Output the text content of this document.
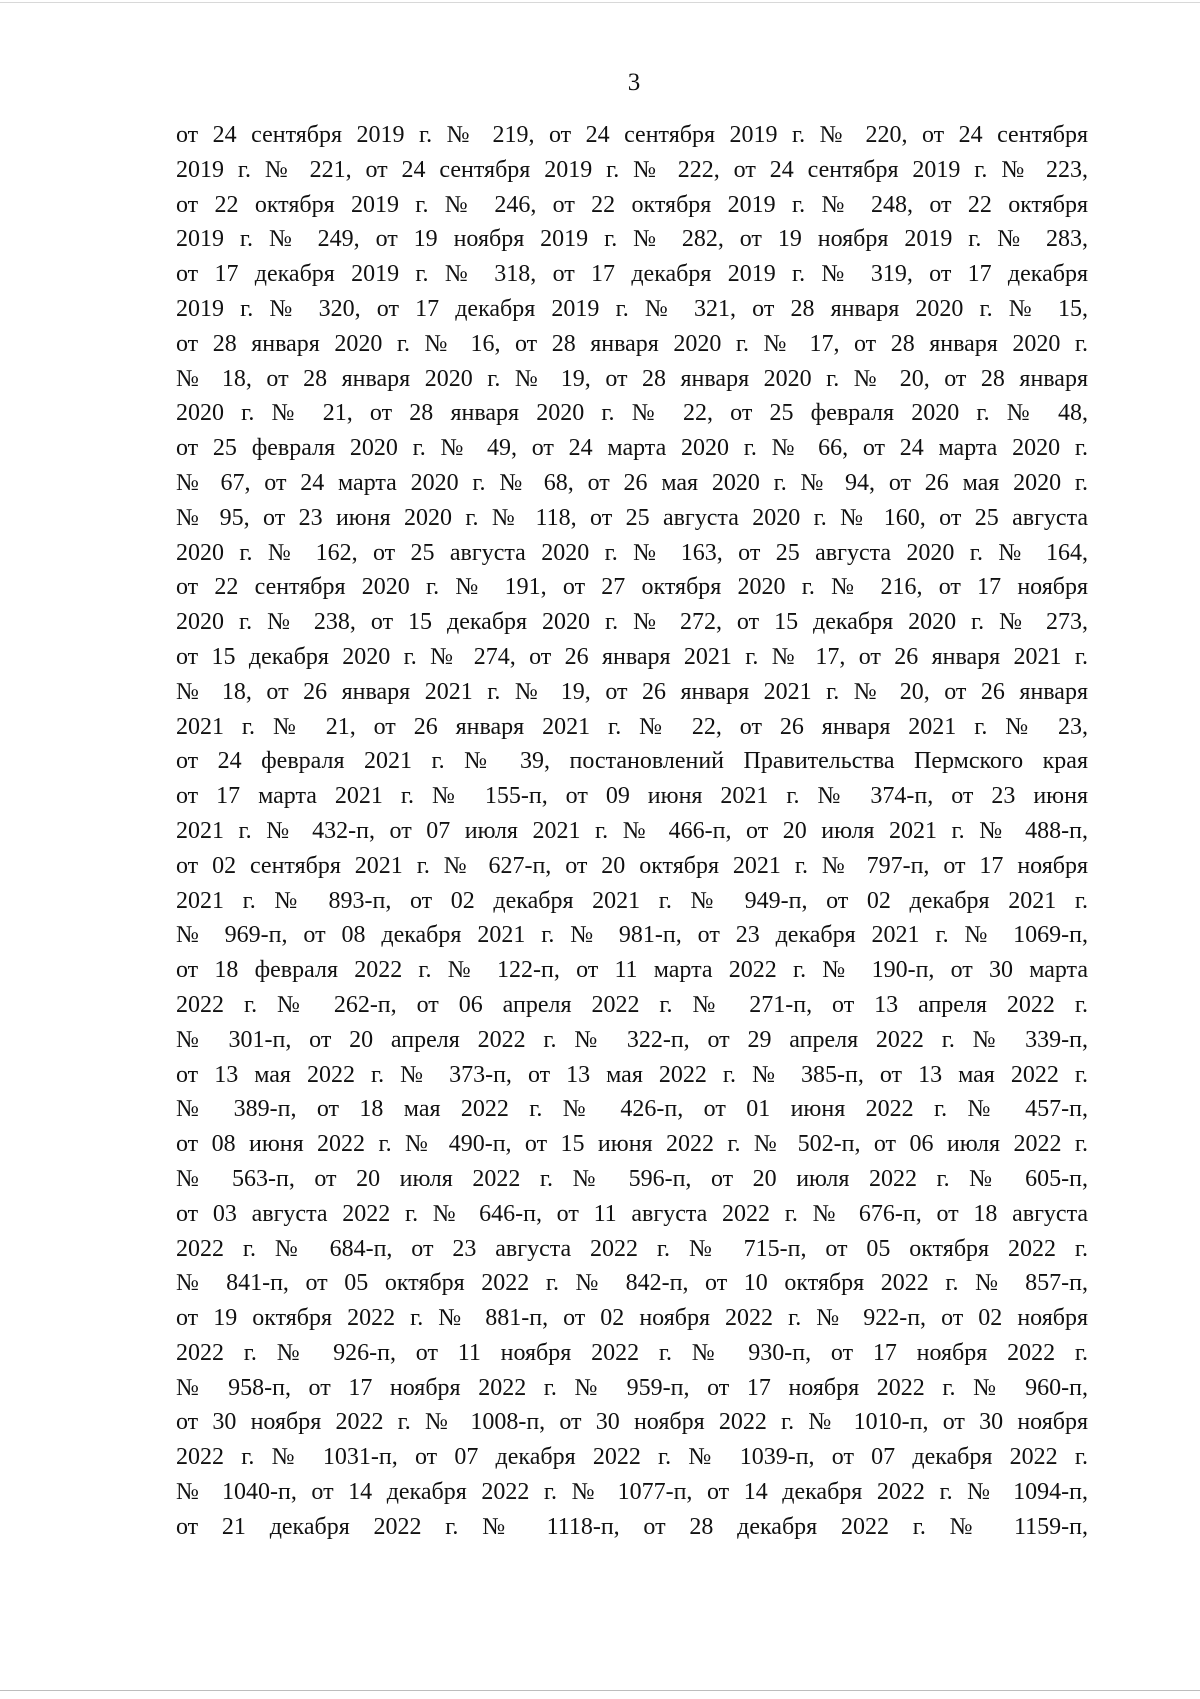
3
от 24 сентября 2019 г. № 219, от 24 сентября 2019 г. № 220, от 24 сентября
2019 г. № 221, от 24 сентября 2019 г. № 222, от 24 сентября 2019 г. № 223,
от 22 октября 2019 г. № 246, от 22 октября 2019 г. № 248, от 22 октября
2019 г. № 249, от 19 ноября 2019 г. № 282, от 19 ноября 2019 г. № 283,
от 17 декабря 2019 г. № 318, от 17 декабря 2019 г. № 319, от 17 декабря
2019 г. № 320, от 17 декабря 2019 г. № 321, от 28 января 2020 г. № 15,
от 28 января 2020 г. № 16, от 28 января 2020 г. № 17, от 28 января 2020 г.
№ 18, от 28 января 2020 г. № 19, от 28 января 2020 г. № 20, от 28 января
2020 г. № 21, от 28 января 2020 г. № 22, от 25 февраля 2020 г. № 48,
от 25 февраля 2020 г. № 49, от 24 марта 2020 г. № 66, от 24 марта 2020 г.
№ 67, от 24 марта 2020 г. № 68, от 26 мая 2020 г. № 94, от 26 мая 2020 г.
№ 95, от 23 июня 2020 г. № 118, от 25 августа 2020 г. № 160, от 25 августа
2020 г. № 162, от 25 августа 2020 г. № 163, от 25 августа 2020 г. № 164,
от 22 сентября 2020 г. № 191, от 27 октября 2020 г. № 216, от 17 ноября
2020 г. № 238, от 15 декабря 2020 г. № 272, от 15 декабря 2020 г. № 273,
от 15 декабря 2020 г. № 274, от 26 января 2021 г. № 17, от 26 января 2021 г.
№ 18, от 26 января 2021 г. № 19, от 26 января 2021 г. № 20, от 26 января
2021 г. № 21, от 26 января 2021 г. № 22, от 26 января 2021 г. № 23,
от 24 февраля 2021 г. № 39, постановлений Правительства Пермского края
от 17 марта 2021 г. № 155-п, от 09 июня 2021 г. № 374-п, от 23 июня
2021 г. № 432-п, от 07 июля 2021 г. № 466-п, от 20 июля 2021 г. № 488-п,
от 02 сентября 2021 г. № 627-п, от 20 октября 2021 г. № 797-п, от 17 ноября
2021 г. № 893-п, от 02 декабря 2021 г. № 949-п, от 02 декабря 2021 г.
№ 969-п, от 08 декабря 2021 г. № 981-п, от 23 декабря 2021 г. № 1069-п,
от 18 февраля 2022 г. № 122-п, от 11 марта 2022 г. № 190-п, от 30 марта
2022 г. № 262-п, от 06 апреля 2022 г. № 271-п, от 13 апреля 2022 г.
№ 301-п, от 20 апреля 2022 г. № 322-п, от 29 апреля 2022 г. № 339-п,
от 13 мая 2022 г. № 373-п, от 13 мая 2022 г. № 385-п, от 13 мая 2022 г.
№ 389-п, от 18 мая 2022 г. № 426-п, от 01 июня 2022 г. № 457-п,
от 08 июня 2022 г. № 490-п, от 15 июня 2022 г. № 502-п, от 06 июля 2022 г.
№ 563-п, от 20 июля 2022 г. № 596-п, от 20 июля 2022 г. № 605-п,
от 03 августа 2022 г. № 646-п, от 11 августа 2022 г. № 676-п, от 18 августа
2022 г. № 684-п, от 23 августа 2022 г. № 715-п, от 05 октября 2022 г.
№ 841-п, от 05 октября 2022 г. № 842-п, от 10 октября 2022 г. № 857-п,
от 19 октября 2022 г. № 881-п, от 02 ноября 2022 г. № 922-п, от 02 ноября
2022 г. № 926-п, от 11 ноября 2022 г. № 930-п, от 17 ноября 2022 г.
№ 958-п, от 17 ноября 2022 г. № 959-п, от 17 ноября 2022 г. № 960-п,
от 30 ноября 2022 г. № 1008-п, от 30 ноября 2022 г. № 1010-п, от 30 ноября
2022 г. № 1031-п, от 07 декабря 2022 г. № 1039-п, от 07 декабря 2022 г.
№ 1040-п, от 14 декабря 2022 г. № 1077-п, от 14 декабря 2022 г. № 1094-п,
от 21 декабря 2022 г. № 1118-п, от 28 декабря 2022 г. № 1159-п,
